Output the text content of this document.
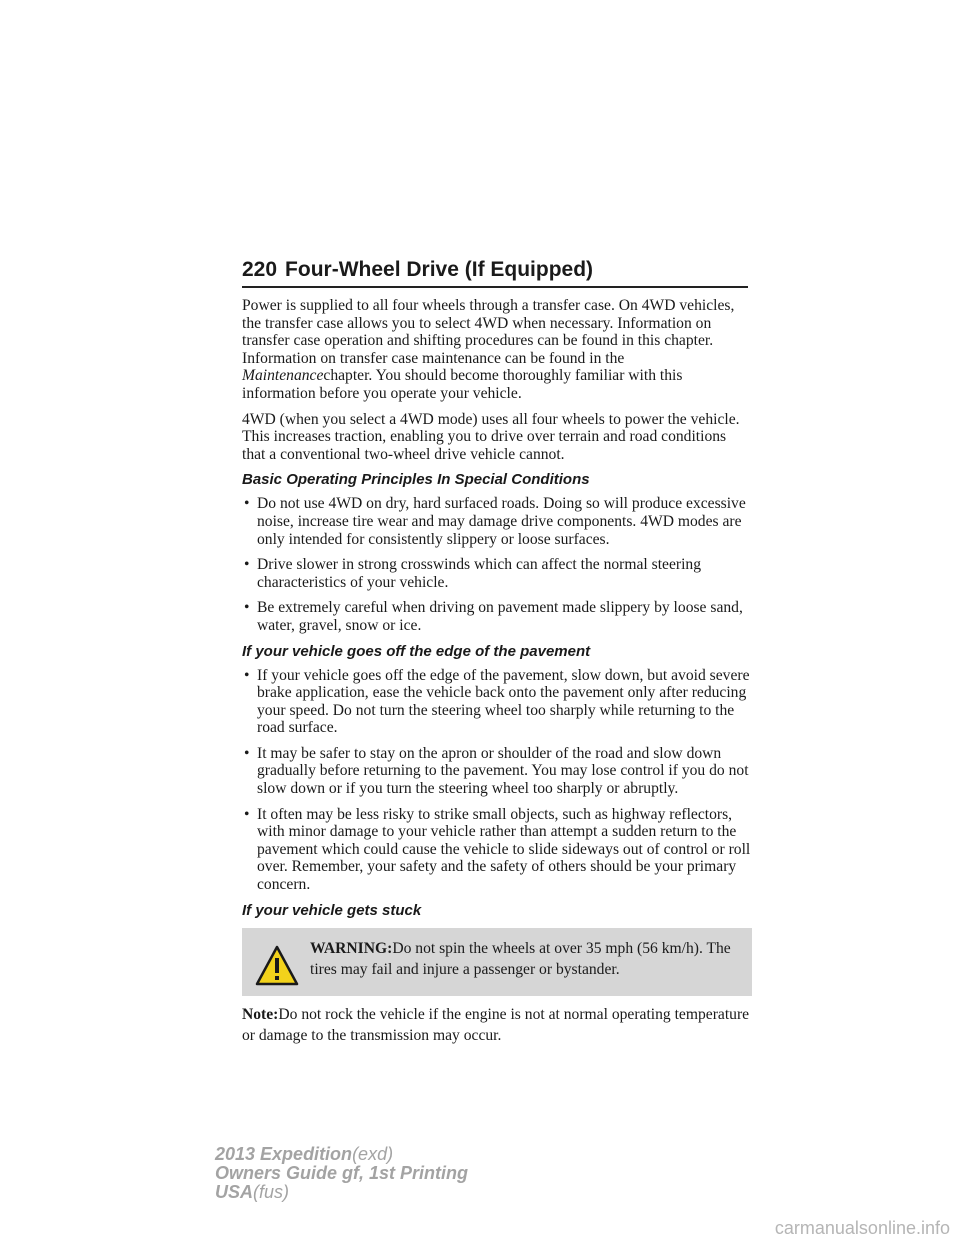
220 Four-Wheel Drive (If Equipped)

Power is supplied to all four wheels through a transfer case. On 4WD vehicles, the transfer case allows you to select 4WD when necessary. Information on transfer case operation and shifting procedures can be found in this chapter. Information on transfer case maintenance can be found in the Maintenancechapter. You should become thoroughly familiar with this information before you operate your vehicle.

4WD (when you select a 4WD mode) uses all four wheels to power the vehicle. This increases traction, enabling you to drive over terrain and road conditions that a conventional two-wheel drive vehicle cannot.

Basic Operating Principles In Special Conditions
• Do not use 4WD on dry, hard surfaced roads. Doing so will produce excessive noise, increase tire wear and may damage drive components. 4WD modes are only intended for consistently slippery or loose surfaces.
• Drive slower in strong crosswinds which can affect the normal steering characteristics of your vehicle.
• Be extremely careful when driving on pavement made slippery by loose sand, water, gravel, snow or ice.
If your vehicle goes off the edge of the pavement
• If your vehicle goes off the edge of the pavement, slow down, but avoid severe brake application, ease the vehicle back onto the pavement only after reducing your speed. Do not turn the steering wheel too sharply while returning to the road surface.
• It may be safer to stay on the apron or shoulder of the road and slow down gradually before returning to the pavement. You may lose control if you do not slow down or if you turn the steering wheel too sharply or abruptly.
• It often may be less risky to strike small objects, such as highway reflectors, with minor damage to your vehicle rather than attempt a sudden return to the pavement which could cause the vehicle to slide sideways out of control or roll over. Remember, your safety and the safety of others should be your primary concern.
If your vehicle gets stuck
WARNING:Do not spin the wheels at over 35 mph (56 km/h). The tires may fail and injure a passenger or bystander.

Note:Do not rock the vehicle if the engine is not at normal operating temperature or damage to the transmission may occur.

2013 Expedition(exd)
Owners Guide gf, 1st Printing
USA(fus)
carmanualsonline.info
